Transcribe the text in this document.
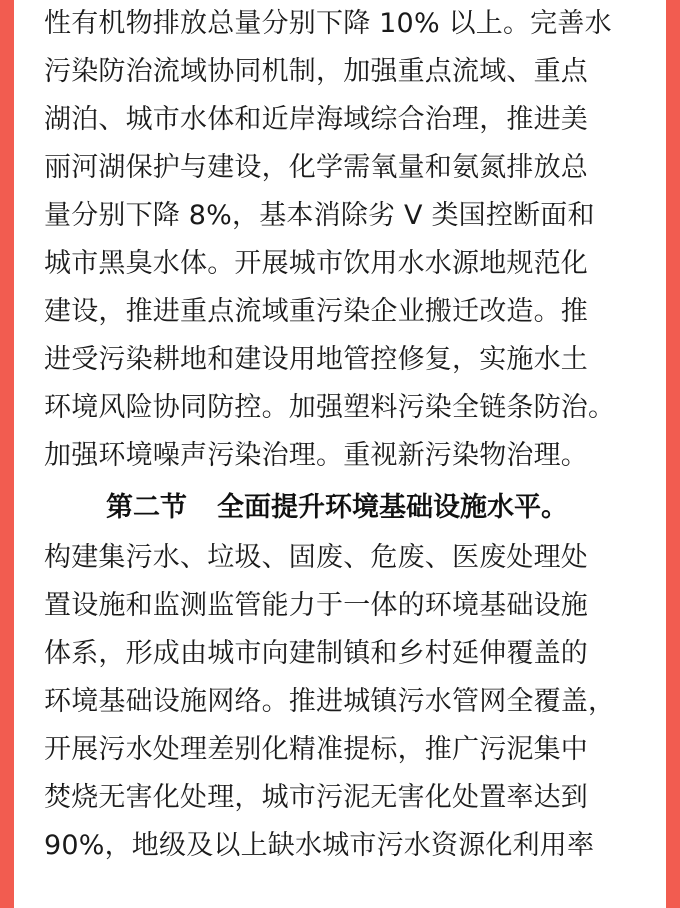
性有机物排放总量分别下降 10% 以上。完善水
污染防治流域协同机制，加强重点流域、重点
湖泊、城市水体和近岸海域综合治理，推进美
丽河湖保护与建设，化学需氧量和氨氮排放总
量分别下降 8%，基本消除劣 V 类国控断面和
城市黑臭水体。开展城市饮用水水源地规范化
建设，推进重点流域重污染企业搬迁改造。推
进受污染耕地和建设用地管控修复，实施水土
环境风险协同防控。加强塑料污染全链条防治。
加强环境噪声污染治理。重视新污染物治理。
第二节 全面提升环境基础设施水平。
构建集污水、垃圾、固废、危废、医废处理处
置设施和监测监管能力于一体的环境基础设施
体系，形成由城市向建制镇和乡村延伸覆盖的
环境基础设施网络。推进城镇污水管网全覆盖，
开展污水处理差别化精准提标，推广污泥集中
焚烧无害化处理，城市污泥无害化处置率达到
90%，地级及以上缺水城市污水资源化利用率
